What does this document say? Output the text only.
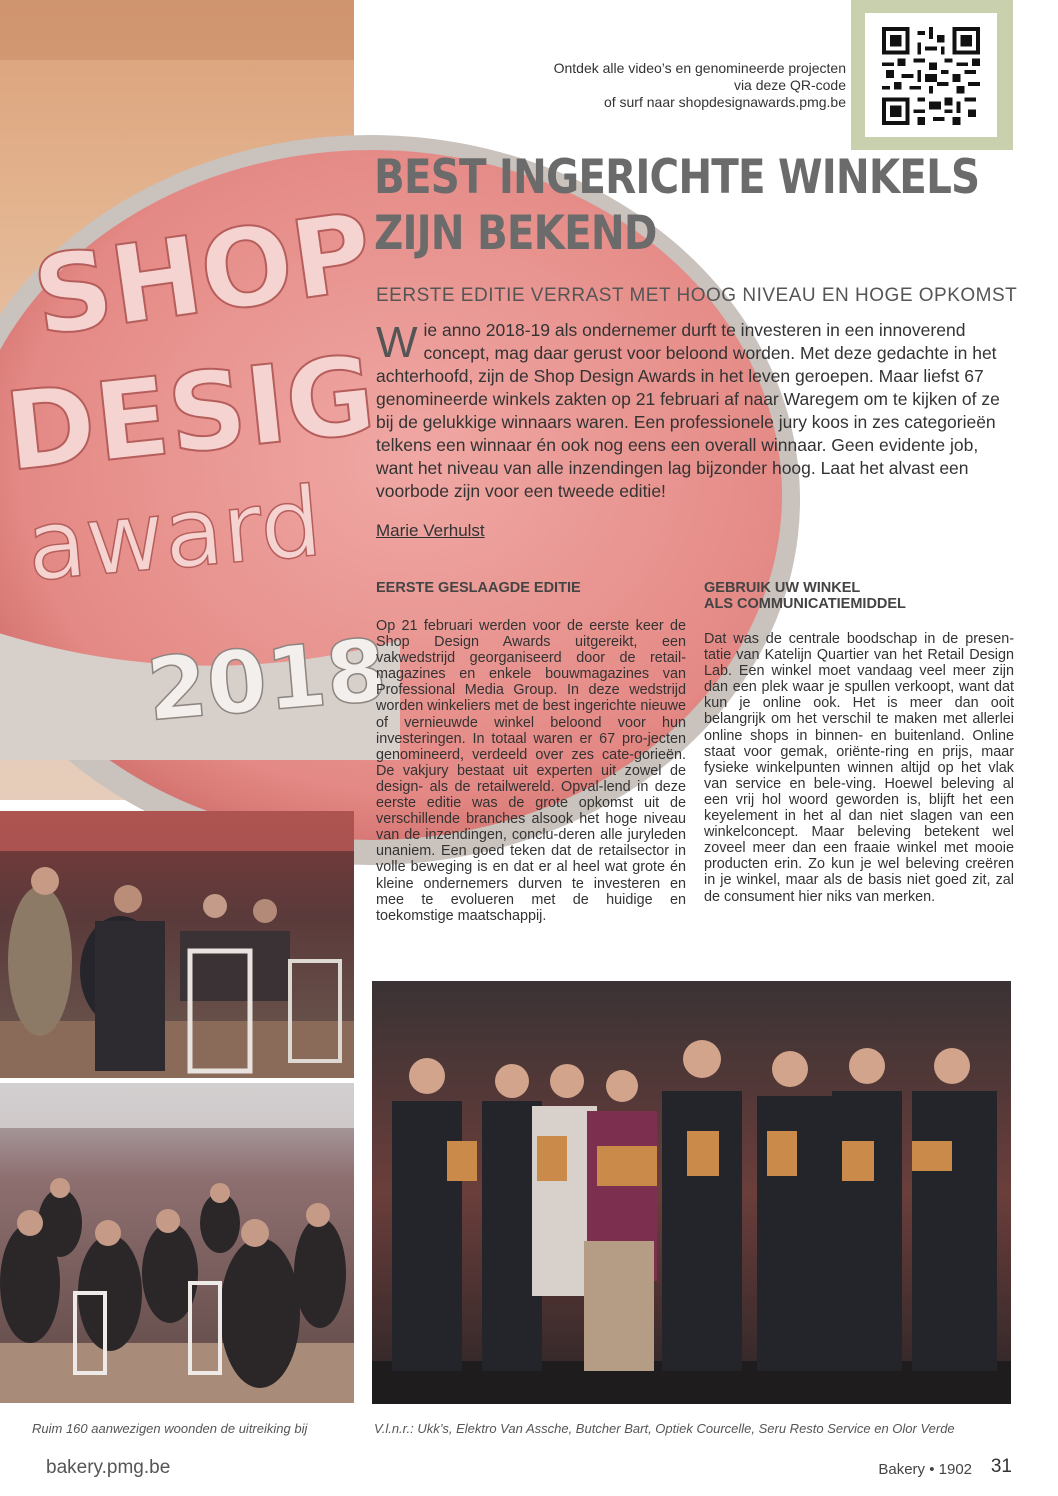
SHOP
DESIG
award
2018
Ontdek alle video’s en genomineerde projecten
via deze QR-code
of surf naar shopdesignawards.pmg.be
BEST INGERICHTE WINKELS
ZIJN BEKEND
EERSTE EDITIE VERRAST MET HOOG NIVEAU EN HOGE OPKOMST
Wie anno 2018-19 als ondernemer durft te investeren in een innoverend concept, mag daar gerust voor beloond worden. Met deze gedachte in het achterhoofd, zijn de Shop Design Awards in het leven geroepen. Maar liefst 67 genomineerde winkels zakten op 21 februari af naar Waregem om te kijken of ze bij de gelukkige winnaars waren. Een professionele jury koos in zes categorieën telkens een winnaar én ook nog eens een overall winnaar. Geen evidente job, want het niveau van alle inzendingen lag bijzonder hoog. Laat het alvast een voorbode zijn voor een tweede editie!
Marie Verhulst
EERSTE GESLAAGDE EDITIE

Op 21 februari werden voor de eerste keer de Shop Design Awards uitgereikt, een vakwedstrijd georganiseerd door de retail-magazines en enkele bouwmagazines van Professional Media Group. In deze wedstrijd worden winkeliers met de best ingerichte nieuwe of vernieuwde winkel beloond voor hun investeringen. In totaal waren er 67 pro-jecten genomineerd, verdeeld over zes cate-gorieën. De vakjury bestaat uit experten uit zowel de design- als de retailwereld. Opval-lend in deze eerste editie was de grote opkomst uit de verschillende branches alsook het hoge niveau van de inzendingen, conclu-deren alle juryleden unaniem. Een goed teken dat de retailsector in volle beweging is en dat er al heel wat grote én kleine ondernemers durven te investeren en mee te evolueren met de huidige en toekomstige maatschappij.

GEBRUIK UW WINKEL
ALS COMMUNICATIEMIDDEL

Dat was de centrale boodschap in de presen-tatie van Katelijn Quartier van het Retail Design Lab. Een winkel moet vandaag veel meer zijn dan een plek waar je spullen verkoopt, want dat kun je online ook. Het is meer dan ooit belangrijk om het verschil te maken met allerlei online shops in binnen- en buitenland. Online staat voor gemak, oriënte-ring en prijs, maar fysieke winkelpunten winnen altijd op het vlak van service en bele-ving. Hoewel beleving al een vrij hol woord geworden is, blijft het een keyelement in het al dan niet slagen van een winkelconcept. Maar beleving betekent wel zoveel meer dan een fraaie winkel met mooie producten erin. Zo kun je wel beleving creëren in je winkel, maar als de basis niet goed zit, zal de consument hier niks van merken.

Ruim 160 aanwezigen woonden de uitreiking bij	V.l.n.r.: Ukk’s, Elektro Van Assche, Butcher Bart, Optiek Courcelle, Seru Resto Service en Olor Verde
bakery.pmg.be	Bakery • 1902 31
